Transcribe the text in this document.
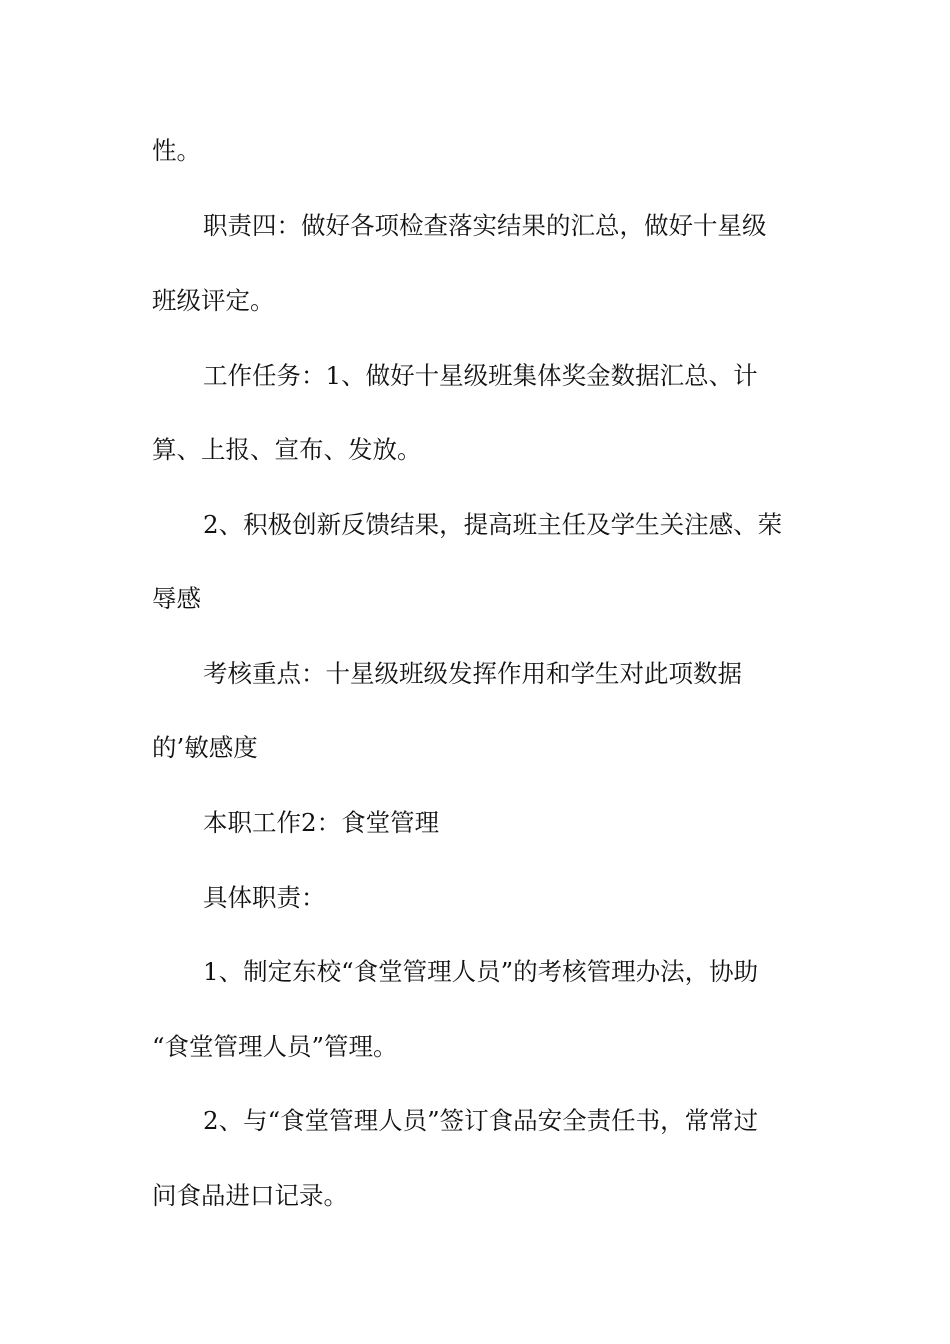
性。
职责四：做好各项检查落实结果的汇总，做好十星级
班级评定。
工作任务：1、做好十星级班集体奖金数据汇总、计
算、上报、宣布、发放。
2、积极创新反馈结果，提高班主任及学生关注感、荣
辱感
考核重点：十星级班级发挥作用和学生对此项数据
的’敏感度
本职工作2：食堂管理
具体职责：
1、制定东校“食堂管理人员”的考核管理办法，协助
“食堂管理人员”管理。
2、与“食堂管理人员”签订食品安全责任书，常常过
问食品进口记录。
